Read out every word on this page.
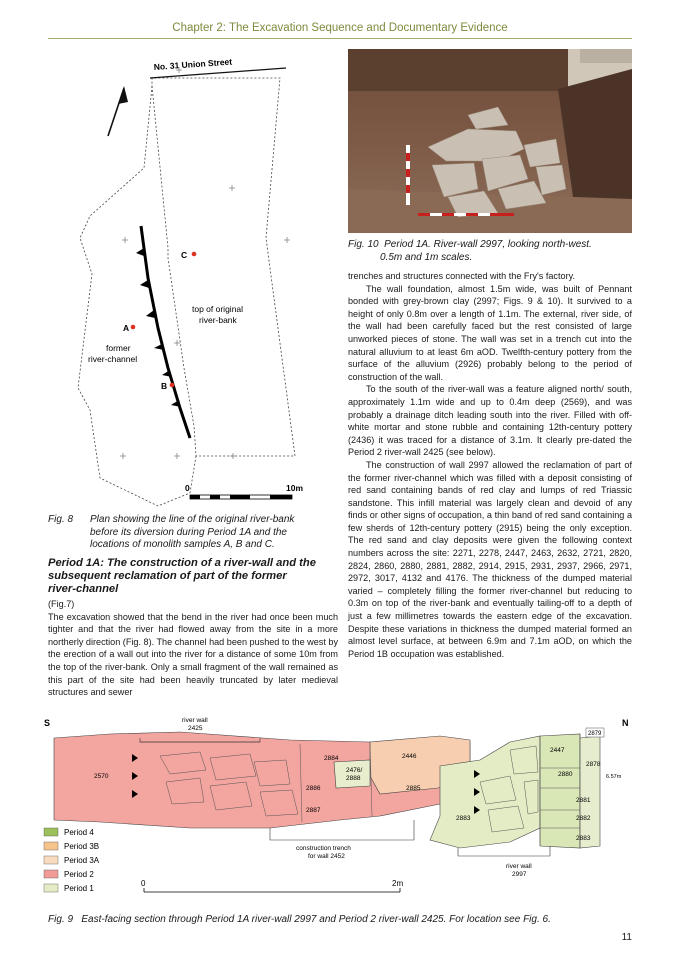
Chapter 2: The Excavation Sequence and Documentary Evidence
No. 31 Union Street
C
A
B
top of original
river-bank
former
river-channel
0	10m
Fig. 10 Period 1A. River-wall 2997, looking north-west.
0.5m and 1m scales.
Fig. 8 Plan showing the line of the original river-bank
before its diversion during Period 1A and the
locations of monolith samples A, B and C.
Period 1A: The construction of a river-wall and the
subsequent reclamation of part of the former
river-channel

(Fig.7)

The excavation showed that the bend in the river had once been much tighter and that the river had flowed away from the site in a more northerly direction (Fig. 8). The channel had been pushed to the west by the erection of a wall out into the river for a distance of some 10m from the top of the river-bank. Only a small fragment of the wall remained as this part of the site had been heavily truncated by later medieval structures and sewer

trenches and structures connected with the Fry's factory.

The wall foundation, almost 1.5m wide, was built of Pennant bonded with grey-brown clay (2997; Figs. 9 & 10). It survived to a height of only 0.8m over a length of 1.1m. The external, river side, of the wall had been carefully faced but the rest consisted of large unworked pieces of stone. The wall was set in a trench cut into the natural alluvium to at least 6m aOD. Twelfth-century pottery from the surface of the alluvium (2926) probably belong to the period of construction of the wall.

To the south of the river-wall was a feature aligned north/ south, approximately 1.1m wide and up to 0.4m deep (2569), and was probably a drainage ditch leading south into the river. Filled with off-white mortar and stone rubble and containing 12th-century pottery (2436) it was traced for a distance of 3.1m. It clearly pre-dated the Period 2 river-wall 2425 (see below).

The construction of wall 2997 allowed the reclamation of part of the former river-channel which was filled with a deposit consisting of red sand containing bands of red clay and lumps of red Triassic sandstone. This infill material was largely clean and devoid of any finds or other signs of occupation, a thin band of red sand containing a few sherds of 12th-century pottery (2915) being the only exception. The red sand and clay deposits were given the following context numbers across the site: 2271, 2278, 2447, 2463, 2632, 2721, 2820, 2824, 2860, 2880, 2881, 2882, 2914, 2915, 2931, 2937, 2966, 2971, 2972, 3017, 4132 and 4176. The thickness of the dumped material varied – completely filling the former river-channel but reducing to 0.3m on top of the river-bank and eventually tailing-off to a depth of just a few millimetres towards the eastern edge of the excavation. Despite these variations in thickness the dumped material formed an almost level surface, at between 6.9m and 7.1m aOD, on which the Period 1B occupation was established.

S	N
river wall
2425
2570
2884	2446
2476/
2888
2886
2887
2885
2883
2447
2879
2878
2880
2881
2882
2883
6.57m
construction trench
for wall 2452
river wall
2997
Period 4
Period 3B
Period 3A
Period 2
Period 1
0	2m
Fig. 9 East-facing section through Period 1A river-wall 2997 and Period 2 river-wall 2425. For location see Fig. 6.
11
